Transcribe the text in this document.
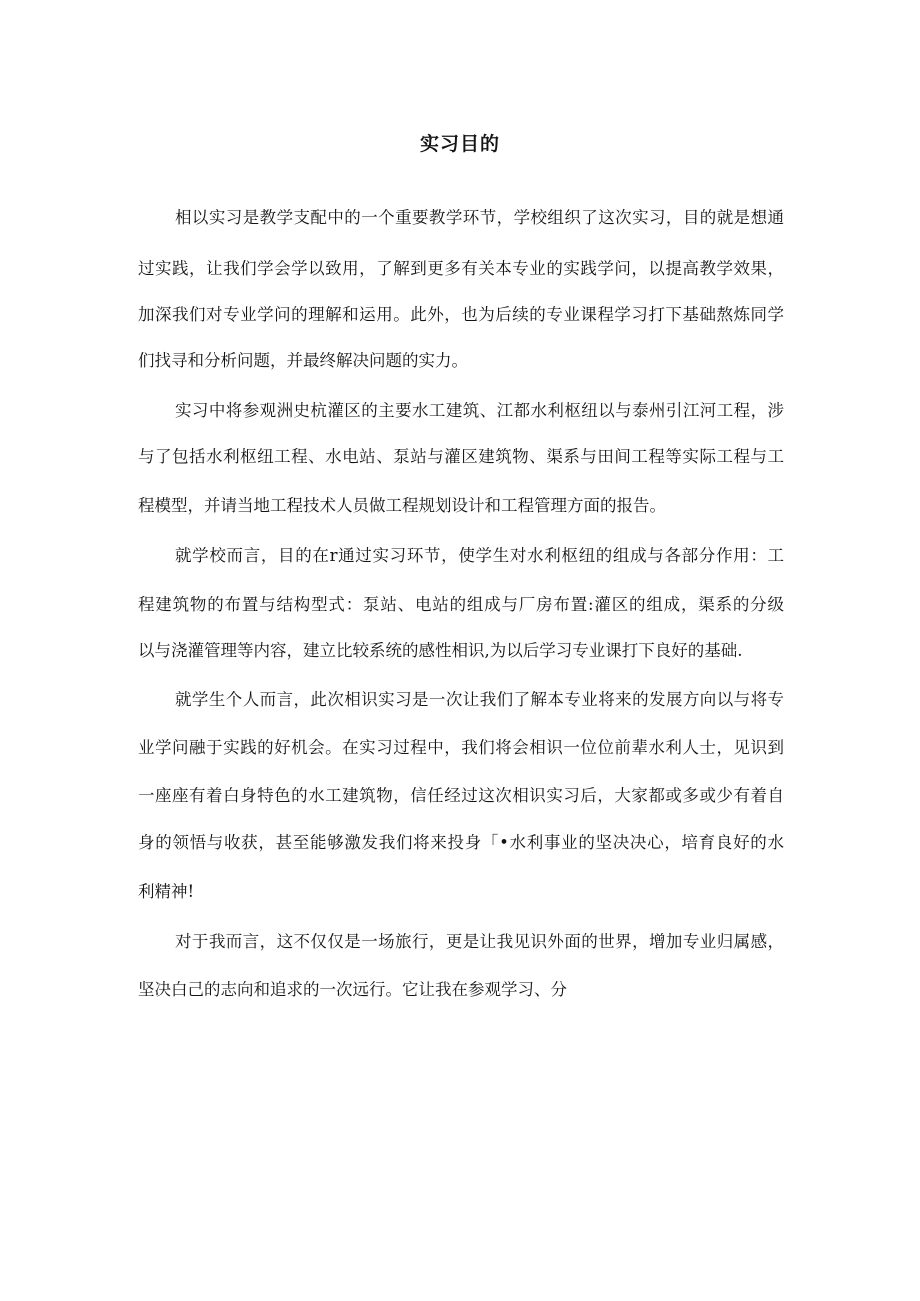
实习目的
相以实习是教学支配中的一个重要教学环节，学校组织了这次实习，目的就是想通
过实践，让我们学会学以致用，了解到更多有关本专业的实践学问，以提高教学效果，
加深我们对专业学问的理解和运用。此外，也为后续的专业课程学习打下基础熬炼同学
们找寻和分析问题，并最终解决问题的实力。
实习中将参观洲史杭灌区的主要水工建筑、江都水利枢纽以与泰州引江河工程，涉
与了包括水利枢纽工程、水电站、泵站与灌区建筑物、渠系与田间工程等实际工程与工
程模型，并请当地工程技术人员做工程规划设计和工程管理方面的报告。
就学校而言，目的在r通过实习环节，使学生对水利枢纽的组成与各部分作用：工
程建筑物的布置与结构型式：泵站、电站的组成与厂房布置:灌区的组成，渠系的分级
以与浇灌管理等内容，建立比较系统的感性相识,为以后学习专业课打下良好的基础.
就学生个人而言，此次相识实习是一次让我们了解本专业将来的发展方向以与将专
业学问融于实践的好机会。在实习过程中，我们将会相识一位位前辈水利人士，见识到
一座座有着白身特色的水工建筑物，信任经过这次相识实习后，大家都或多或少有着自
身的领悟与收获，甚至能够激发我们将来投身「•水利事业的坚决决心，培育良好的水
利精神!
对于我而言，这不仅仅是一场旅行，更是让我见识外面的世界，增加专业归属感，
坚决白己的志向和追求的一次远行。它让我在参观学习、分
